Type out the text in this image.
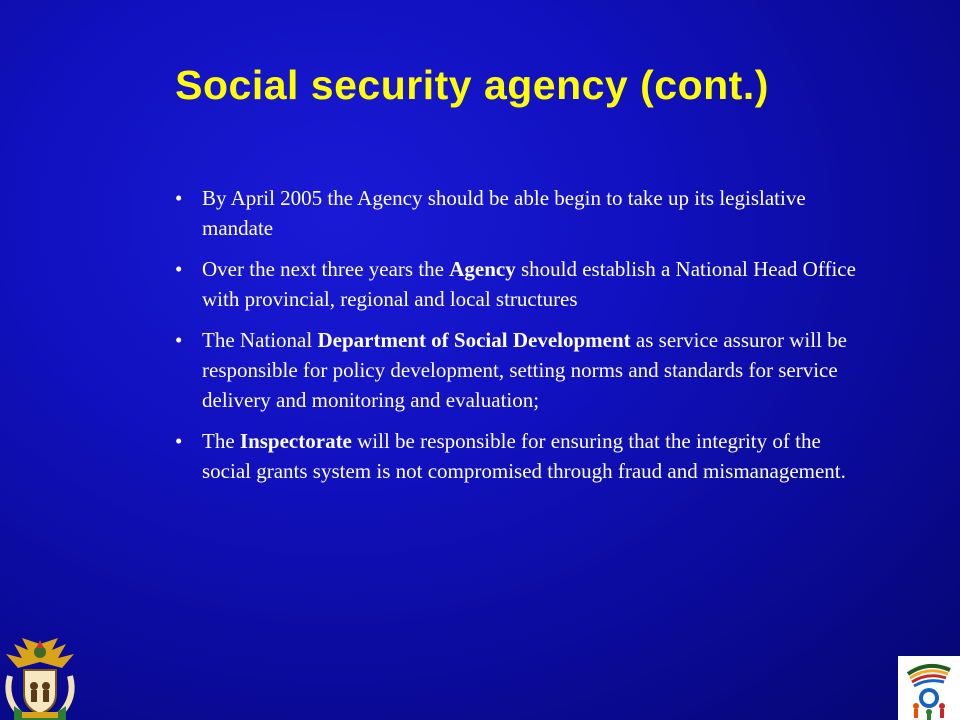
Social security agency (cont.)
• By April 2005 the Agency should be able begin to take up its legislative mandate
• Over the next three years the Agency should establish a National Head Office with provincial, regional and local structures
• The National Department of Social Development as service assuror will be responsible for policy development, setting norms and standards for service delivery and monitoring and evaluation;
• The Inspectorate will be responsible for ensuring that the integrity of the social grants system is not compromised through fraud and mismanagement.
